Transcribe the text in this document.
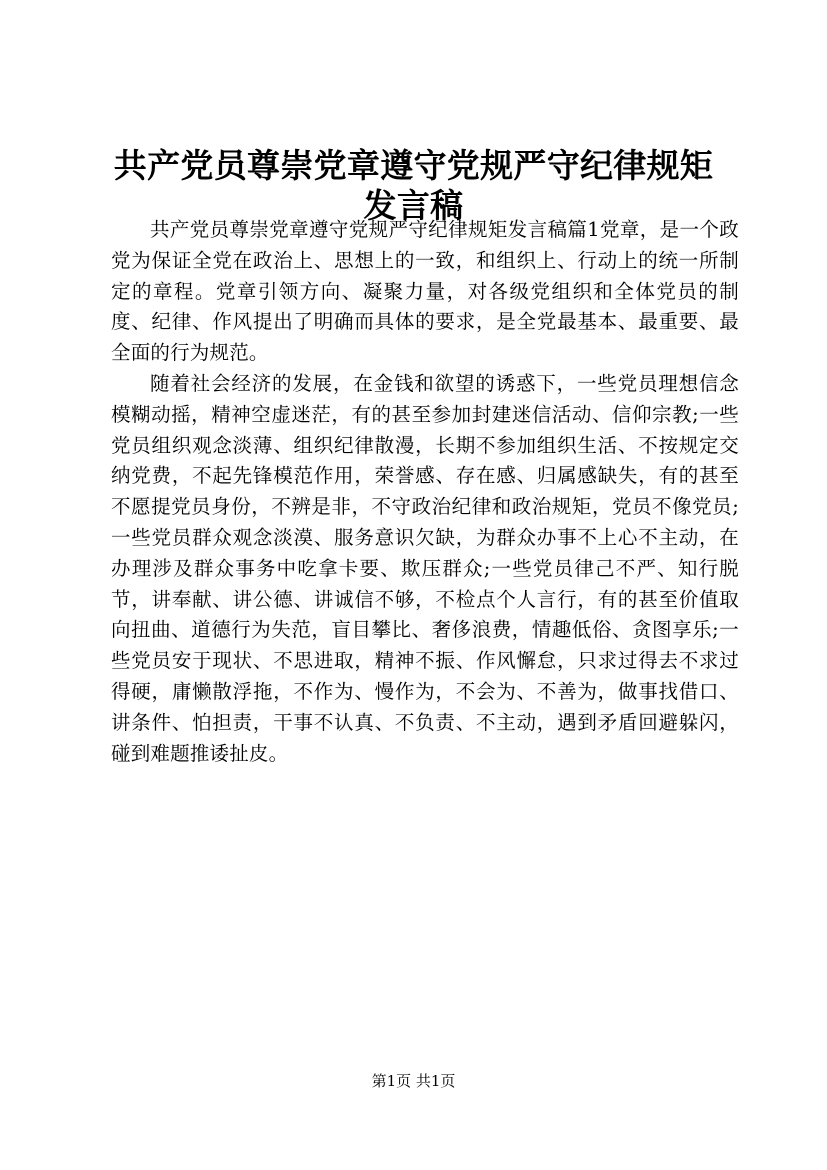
共产党员尊崇党章遵守党规严守纪律规矩发言稿

共产党员尊崇党章遵守党规严守纪律规矩发言稿篇1党章，是一个政党为保证全党在政治上、思想上的一致，和组织上、行动上的统一所制定的章程。党章引领方向、凝聚力量，对各级党组织和全体党员的制度、纪律、作风提出了明确而具体的要求，是全党最基本、最重要、最全面的行为规范。

随着社会经济的发展，在金钱和欲望的诱惑下，一些党员理想信念模糊动摇，精神空虚迷茫，有的甚至参加封建迷信活动、信仰宗教;一些党员组织观念淡薄、组织纪律散漫，长期不参加组织生活、不按规定交纳党费，不起先锋模范作用，荣誉感、存在感、归属感缺失，有的甚至不愿提党员身份，不辨是非，不守政治纪律和政治规矩，党员不像党员;一些党员群众观念淡漠、服务意识欠缺，为群众办事不上心不主动，在办理涉及群众事务中吃拿卡要、欺压群众;一些党员律己不严、知行脱节，讲奉献、讲公德、讲诚信不够，不检点个人言行，有的甚至价值取向扭曲、道德行为失范，盲目攀比、奢侈浪费，情趣低俗、贪图享乐;一些党员安于现状、不思进取，精神不振、作风懈怠，只求过得去不求过得硬，庸懒散浮拖，不作为、慢作为，不会为、不善为，做事找借口、讲条件、怕担责，干事不认真、不负责、不主动，遇到矛盾回避躲闪，碰到难题推诿扯皮。

第1页 共1页
